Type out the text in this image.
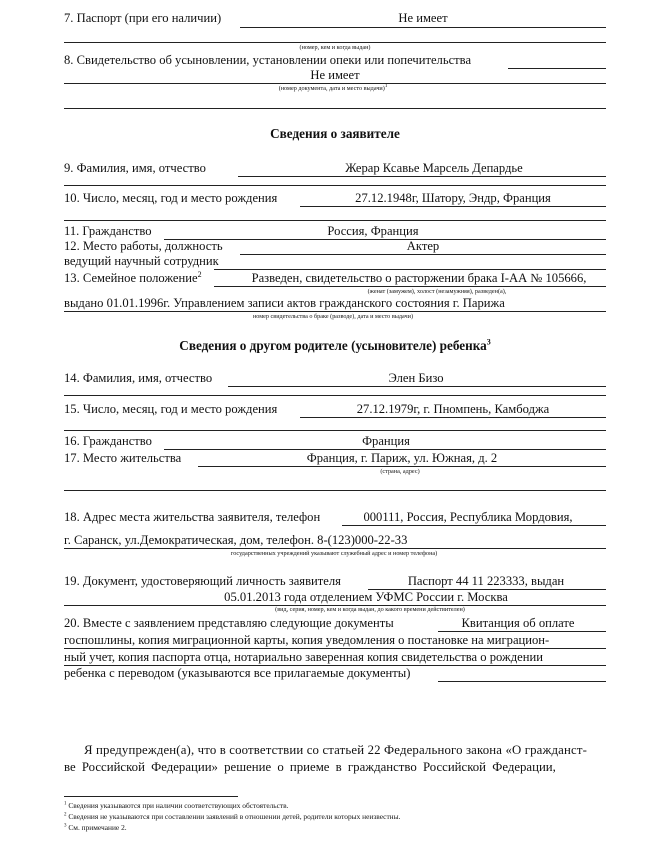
7. Паспорт (при его наличии)	Не имеет
(номер, кем и когда выдан)
8. Свидетельство об усыновлении, установлении опеки или попечительства
Не имеет
(номер документа, дата и место выдачи)$^1$
Сведения о заявителе
9. Фамилия, имя, отчество	Жерар Ксавье Марсель Депардье
10. Число, месяц, год и место рождения	27.12.1948г, Шатору, Эндр, Франция
11. Гражданство	Россия, Франция
12. Место работы, должность	Актер
ведущий научный сотрудник
13. Семейное положение$^2$	Разведен, свидетельство о расторжении брака I-АА № 105666,
(женат (замужем), холост (незамужняя), разведен(а),
выдано 01.01.1996г. Управлением записи актов гражданского состояния г. Парижа
номер свидетельства о браке (разводе), дата и место выдачи)
Сведения о другом родителе (усыновителе) ребенка$^3$
14. Фамилия, имя, отчество	Элен Бизо
15. Число, месяц, год и место рождения	27.12.1979г, г. Пномпень, Камбоджа
16. Гражданство	Франция
17. Место жительства	Франция, г. Париж, ул. Южная, д. 2
(страна, адрес)
18. Адрес места жительства заявителя, телефон	000111, Россия, Республика Мордовия,
г. Саранск, ул.Демократическая, дом, телефон. 8-(123)000-22-33
государственных учреждений указывают служебный адрес и номер телефона)
19. Документ, удостоверяющий личность заявителя	Паспорт 44 11 223333, выдан
05.01.2013 года отделением УФМС России г. Москва
(вид, серия, номер, кем и когда выдан, до какого времени действителен)
20. Вместе с заявлением представляю следующие документы	Квитанция об оплате
госпошлины, копия миграционной карты, копия уведомления о постановке на миграцион-
ный учет, копия паспорта отца, нотариально заверенная копия свидетельства о рождении
ребенка с переводом (указываются все прилагаемые документы)
Я предупрежден(а), что в соответствии со статьей 22 Федерального закона «О гражданст-
ве Российской Федерации» решение о приеме в гражданство Российской Федерации,
$^1$ Сведения указываются при наличии соответствующих обстоятельств.
$^2$ Сведения не указываются при составлении заявлений в отношении детей, родители которых неизвестны.
$^3$ См. примечание 2.
